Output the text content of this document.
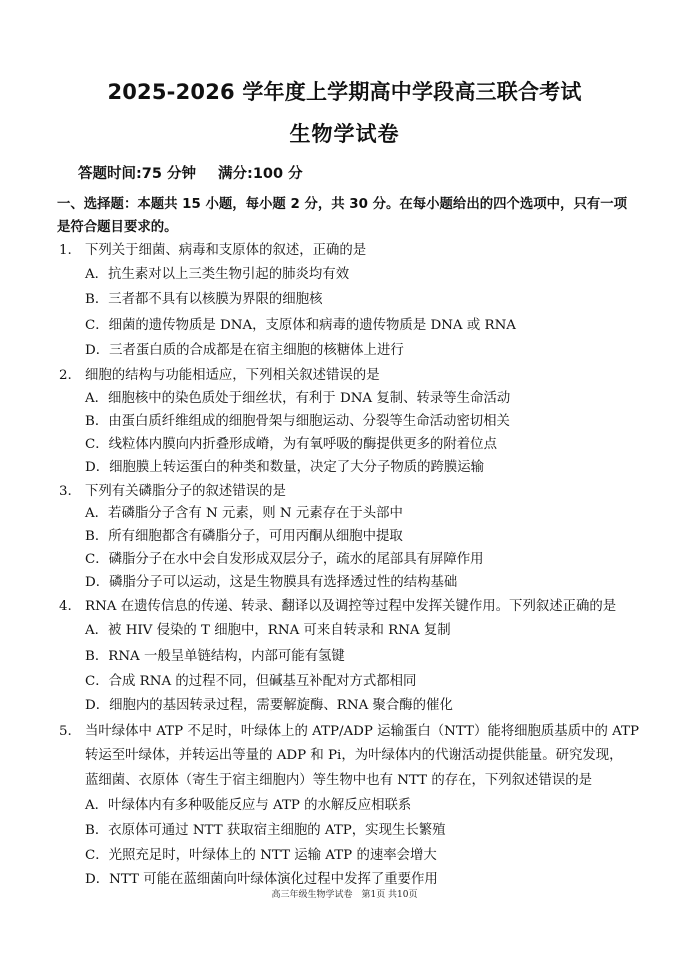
2025-2026 学年度上学期高中学段高三联合考试
生物学试卷
答题时间:75 分钟 满分:100 分
一、选择题：本题共 15 小题，每小题 2 分，共 30 分。在每小题给出的四个选项中，只有一项
是符合题目要求的。
1. 下列关于细菌、病毒和支原体的叙述，正确的是
A．抗生素对以上三类生物引起的肺炎均有效
B．三者都不具有以核膜为界限的细胞核
C．细菌的遗传物质是 DNA，支原体和病毒的遗传物质是 DNA 或 RNA
D．三者蛋白质的合成都是在宿主细胞的核糖体上进行
2. 细胞的结构与功能相适应，下列相关叙述错误的是
A．细胞核中的染色质处于细丝状，有利于 DNA 复制、转录等生命活动
B．由蛋白质纤维组成的细胞骨架与细胞运动、分裂等生命活动密切相关
C．线粒体内膜向内折叠形成嵴，为有氧呼吸的酶提供更多的附着位点
D．细胞膜上转运蛋白的种类和数量，决定了大分子物质的跨膜运输
3. 下列有关磷脂分子的叙述错误的是
A．若磷脂分子含有 N 元素，则 N 元素存在于头部中
B．所有细胞都含有磷脂分子，可用丙酮从细胞中提取
C．磷脂分子在水中会自发形成双层分子，疏水的尾部具有屏障作用
D．磷脂分子可以运动，这是生物膜具有选择透过性的结构基础
4. RNA 在遗传信息的传递、转录、翻译以及调控等过程中发挥关键作用。下列叙述正确的是
A．被 HIV 侵染的 T 细胞中，RNA 可来自转录和 RNA 复制
B．RNA 一般呈单链结构，内部可能有氢键
C．合成 RNA 的过程不同，但碱基互补配对方式都相同
D．细胞内的基因转录过程，需要解旋酶、RNA 聚合酶的催化
5. 当叶绿体中 ATP 不足时，叶绿体上的 ATP/ADP 运输蛋白（NTT）能将细胞质基质中的 ATP
转运至叶绿体，并转运出等量的 ADP 和 Pi，为叶绿体内的代谢活动提供能量。研究发现，
蓝细菌、衣原体（寄生于宿主细胞内）等生物中也有 NTT 的存在，下列叙述错误的是
A．叶绿体内有多种吸能反应与 ATP 的水解反应相联系
B．衣原体可通过 NTT 获取宿主细胞的 ATP，实现生长繁殖
C．光照充足时，叶绿体上的 NTT 运输 ATP 的速率会增大
D．NTT 可能在蓝细菌向叶绿体演化过程中发挥了重要作用
高三年级生物学试卷　第1页 共10页
